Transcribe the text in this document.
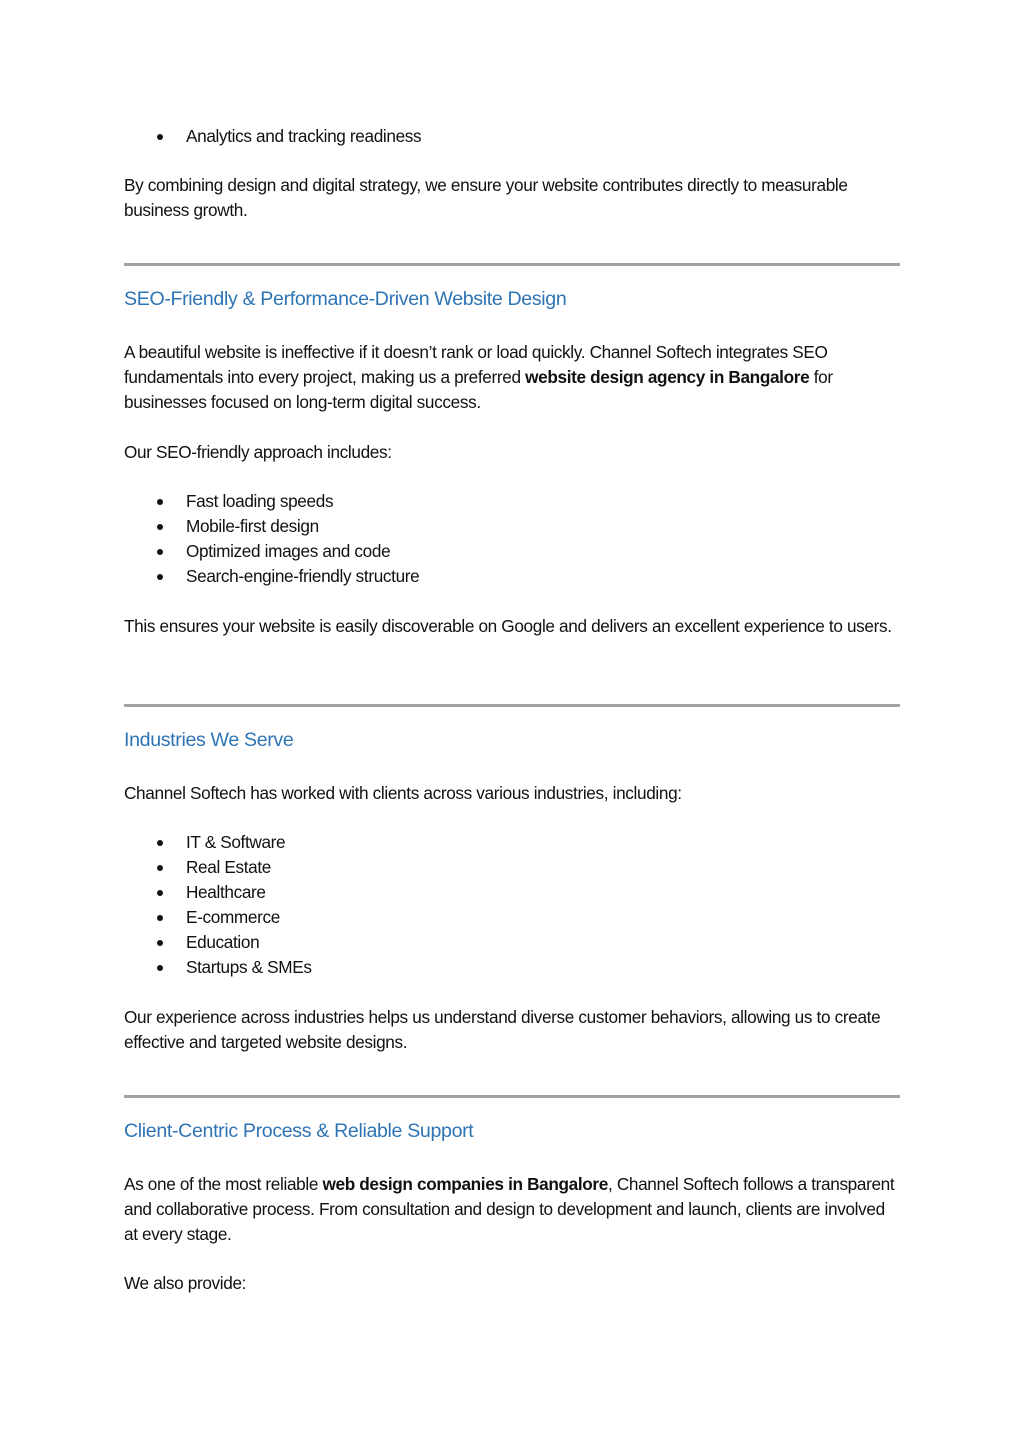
Analytics and tracking readiness

By combining design and digital strategy, we ensure your website contributes directly to measurable business growth.

SEO-Friendly & Performance-Driven Website Design

A beautiful website is ineffective if it doesn’t rank or load quickly. Channel Softech integrates SEO fundamentals into every project, making us a preferred website design agency in Bangalore for businesses focused on long-term digital success.

Our SEO-friendly approach includes:

Fast loading speeds
Mobile-first design
Optimized images and code
Search-engine-friendly structure

This ensures your website is easily discoverable on Google and delivers an excellent experience to users.

Industries We Serve

Channel Softech has worked with clients across various industries, including:

IT & Software
Real Estate
Healthcare
E-commerce
Education
Startups & SMEs

Our experience across industries helps us understand diverse customer behaviors, allowing us to create effective and targeted website designs.

Client-Centric Process & Reliable Support

As one of the most reliable web design companies in Bangalore, Channel Softech follows a transparent and collaborative process. From consultation and design to development and launch, clients are involved at every stage.

We also provide:
